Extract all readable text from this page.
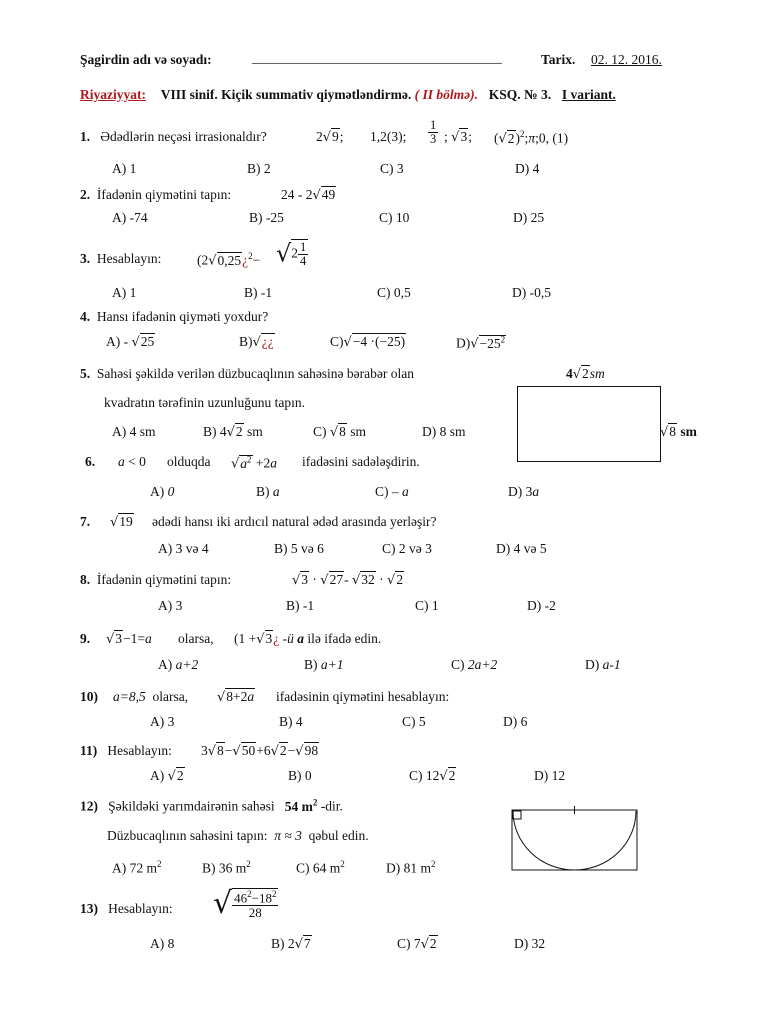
Şagirdin adı və soyadı:	_____________________________________	Tarix. 02. 12. 2016.
Riyaziyyat: VIII sinif. Kiçik summativ qiymətləndirmə. ( II bölmə). KSQ. № 3. I variant.
1. Ədədlərin neçəsi irrasionaldır?	2√9; 1,2(3); $\frac{1}{3}$ ; √3; $(√2)^2;\pi;0$, (1)
A) 1	B) 2	C) 3	D) 4
2. İfadənin qiymətini tapın:	24 - 2√49
A) -74	B) -25	C) 10	D) 25
3. Hesablayın:	(2√0,25¿$^2$− $√2 \frac{1}{4}$
A) 1	B) -1	C) 0,5	D) -0,5
4. Hansı ifadənin qiyməti yoxdur?
A) - √25	B)√¿¿	C)√−4 ·(−25)	$D)√-25^2$
5. Sahəsi şəkildə verilən düzbucaqlının sahəsinə bərabər olan
kvadratın tərəfinin uzunluğunu tapın.
4√2sm
√8 sm
A) 4 sm	B) 4√2 sm	C) √8 sm	D) 8 sm
6. a < 0 olduqda $√a^2 +2a$ ifadəsini sadələşdirin.
A) 0	B) a	C) – a	D) 3a
7. √19 ədədi hansı iki ardıcıl natural ədəd arasında yerləşir?
A) 3 və 4	B) 5 və 6	C) 2 və 3	D) 4 və 5
8. İfadənin qiymətini tapın:	√3 · √27- √32 · √2
A) 3	B) -1	C) 1	D) -2
9. √3−1=a olarsa, (1 +√3¿ -ü a ilə ifadə edin.
A) a+2	B) a+1	C) 2a+2	D) a-1
10) a=8,5 olarsa, √8+2a ifadəsinin qiymətini hesablayın:
A) 3	B) 4	C) 5	D) 6
11) Hesablayın: 3√8−√50+6√2−√98
A) √2	B) 0	C) 12√2	D) 12
12) Şəkildəki yarımdairənin sahəsi 54 $m^2$ -dir.
Düzbucaqlının sahəsini tapın: π ≈ 3 qəbul edin.
A) 72 $m^2$	B) 36 $m^2$	C) 64 $m^2$	D) 81 $m^2$
13) Hesablayın: √ $\frac{46^2-18^2}{28}$
A) 8	B) 2√7	C) 7√2	D) 32
